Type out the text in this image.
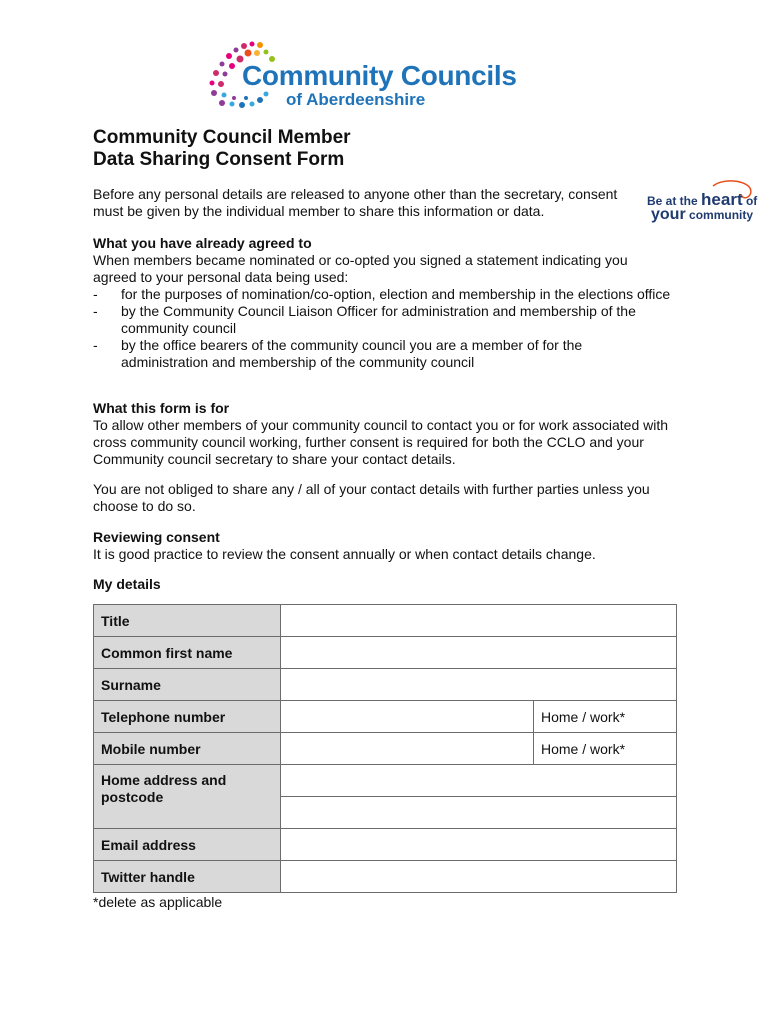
Community Councils
of Aberdeenshire
Be at the heart of
your community
Community Council Member
Data Sharing Consent Form
Before any personal details are released to anyone other than the secretary, consent must be given by the individual member to share this information or data.
What you have already agreed to
When members became nominated or co-opted you signed a statement indicating you agreed to your personal data being used:
- for the purposes of nomination/co-option, election and membership in the elections office
- by the Community Council Liaison Officer for administration and membership of the community council
- by the office bearers of the community council you are a member of for the administration and membership of the community council
What this form is for
To allow other members of your community council to contact you or for work associated with cross community council working, further consent is required for both the CCLO and your Community council secretary to share your contact details.
You are not obliged to share any / all of your contact details with further parties unless you choose to do so.
Reviewing consent
It is good practice to review the consent annually or when contact details change.
My details
Title		
Common first name		
Surname		
Telephone number		Home / work*
Mobile number		Home / work*
Home address and postcode		

Email address		
Twitter handle		
*delete as applicable
